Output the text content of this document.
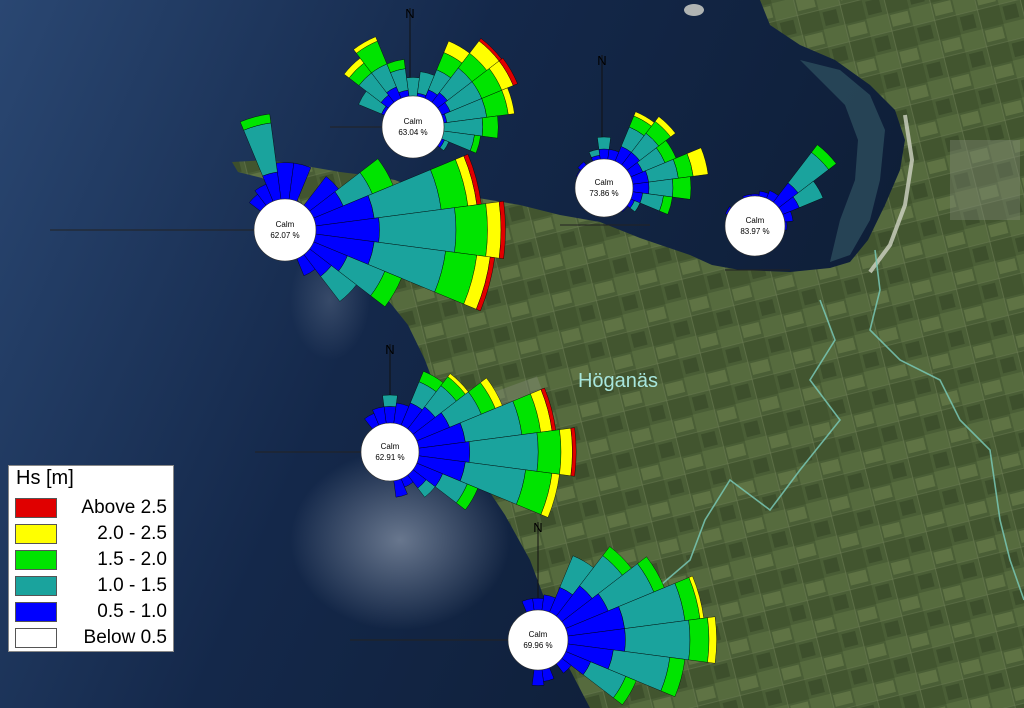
Höganäs
N
Calm
63.04 %
Calm
62.07 %
N
Calm
73.86 %
Calm
83.97 %
N
Calm
62.91 %
N
Calm
69.96 %
Hs [m]
Above 2.5
2.0 - 2.5
1.5 - 2.0
1.0 - 1.5
0.5 - 1.0
Below 0.5
